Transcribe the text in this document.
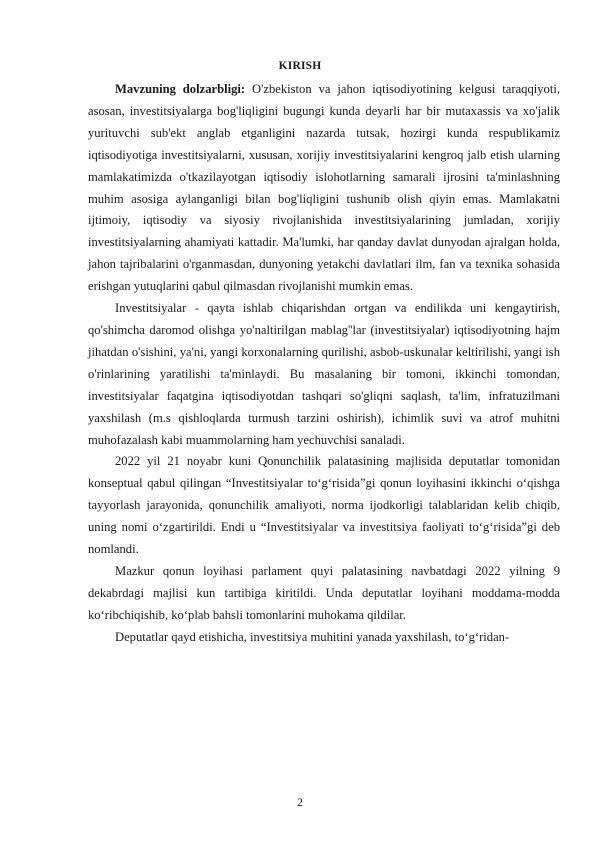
KIRISH

Mavzuning dolzarbligi: O'zbekiston va jahon iqtisodiyotining kelgusi taraqqiyoti, asosan, investitsiyalarga bog'liqligini bugungi kunda deyarli har bir mutaxassis va xo'jalik yurituvchi sub'ekt anglab etganligini nazarda tutsak, hozirgi kunda respublikamiz iqtisodiyotiga investitsiyalarni, xususan, xorijiy investitsiyalarini kengroq jalb etish ularning mamlakatimizda o'tkazilayotgan iqtisodiy islohotlarning samarali ijrosini ta'minlashning muhim asosiga aylanganligi bilan bog'liqligini tushunib olish qiyin emas. Mamlakatni ijtimoiy, iqtisodiy va siyosiy rivojlanishida investitsiyalarining jumladan, xorijiy investitsiyalarning ahamiyati kattadir. Ma'lumki, har qanday davlat dunyodan ajralgan holda, jahon tajribalarini o'rganmasdan, dunyoning yetakchi davlatlari ilm, fan va texnika sohasida erishgan yutuqlarini qabul qilmasdan rivojlanishi mumkin emas.

Investitsiyalar - qayta ishlab chiqarishdan ortgan va endilikda uni kengaytirish, qo'shimcha daromod olishga yo'naltirilgan mablag''lar (investitsiyalar) iqtisodiyotning hajm jihatdan o'sishini, ya'ni, yangi korxonalarning qurilishi, asbob-uskunalar keltirilishi, yangi ish o'rinlarining yaratilishi ta'minlaydi. Bu masalaning bir tomoni, ikkinchi tomondan, investitsiyalar faqatgina iqtisodiyotdan tashqari so'gliqni saqlash, ta'lim, infratuzilmani yaxshilash (m.s qishloqlarda turmush tarzini oshirish), ichimlik suvi va atrof muhitni muhofazalash kabi muammolarning ham yechuvchisi sanaladi.

2022 yil 21 noyabr kuni Qonunchilik palatasining majlisida deputatlar tomonidan konseptual qabul qilingan “Investitsiyalar to‘g‘risida”gi qonun loyihasini ikkinchi o‘qishga tayyorlash jarayonida, qonunchilik amaliyoti, norma ijodkorligi talablaridan kelib chiqib, uning nomi o‘zgartirildi. Endi u “Investitsiyalar va investitsiya faoliyati to‘g‘risida”gi deb nomlandi.

Mazkur qonun loyihasi parlament quyi palatasining navbatdagi 2022 yilning 9 dekabrdagi majlisi kun tartibiga kiritildi. Unda deputatlar loyihani moddama-modda ko‘ribchiqishib, ko‘plab bahsli tomonlarini muhokama qildilar.

Deputatlar qayd etishicha, investitsiya muhitini yanada yaxshilash, to‘g‘ridan-

2
